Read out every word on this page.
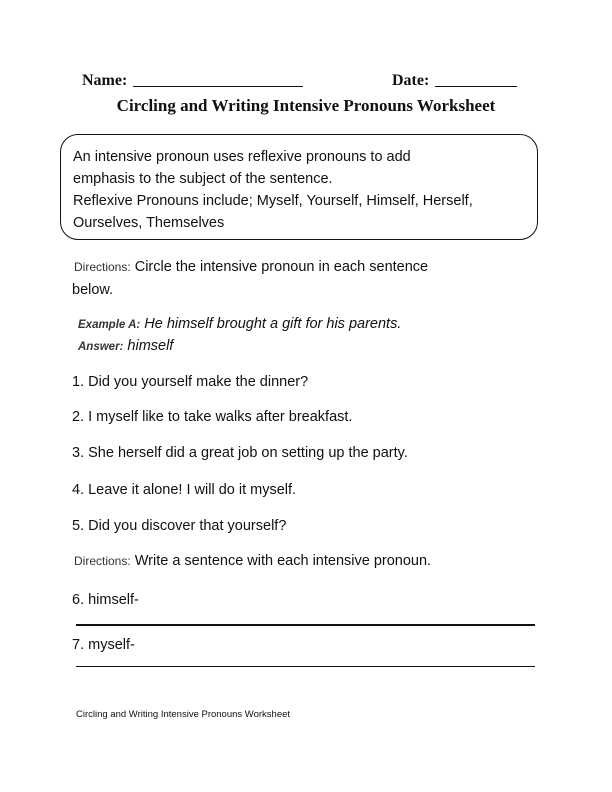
Name:	Date:
Circling and Writing Intensive Pronouns Worksheet

An intensive pronoun uses reflexive pronouns to add

emphasis to the subject of the sentence.

Reflexive Pronouns include; Myself, Yourself, Himself, Herself,

Ourselves, Themselves

Directions: Circle the intensive pronoun in each sentence
below.
Example A: He himself brought a gift for his parents.
Answer: himself
1. Did you yourself make the dinner?
2. I myself like to take walks after breakfast.
3. She herself did a great job on setting up the party.
4. Leave it alone! I will do it myself.
5. Did you discover that yourself?
Directions: Write a sentence with each intensive pronoun.
6. himself-
7. myself-
Circling and Writing Intensive Pronouns Worksheet
